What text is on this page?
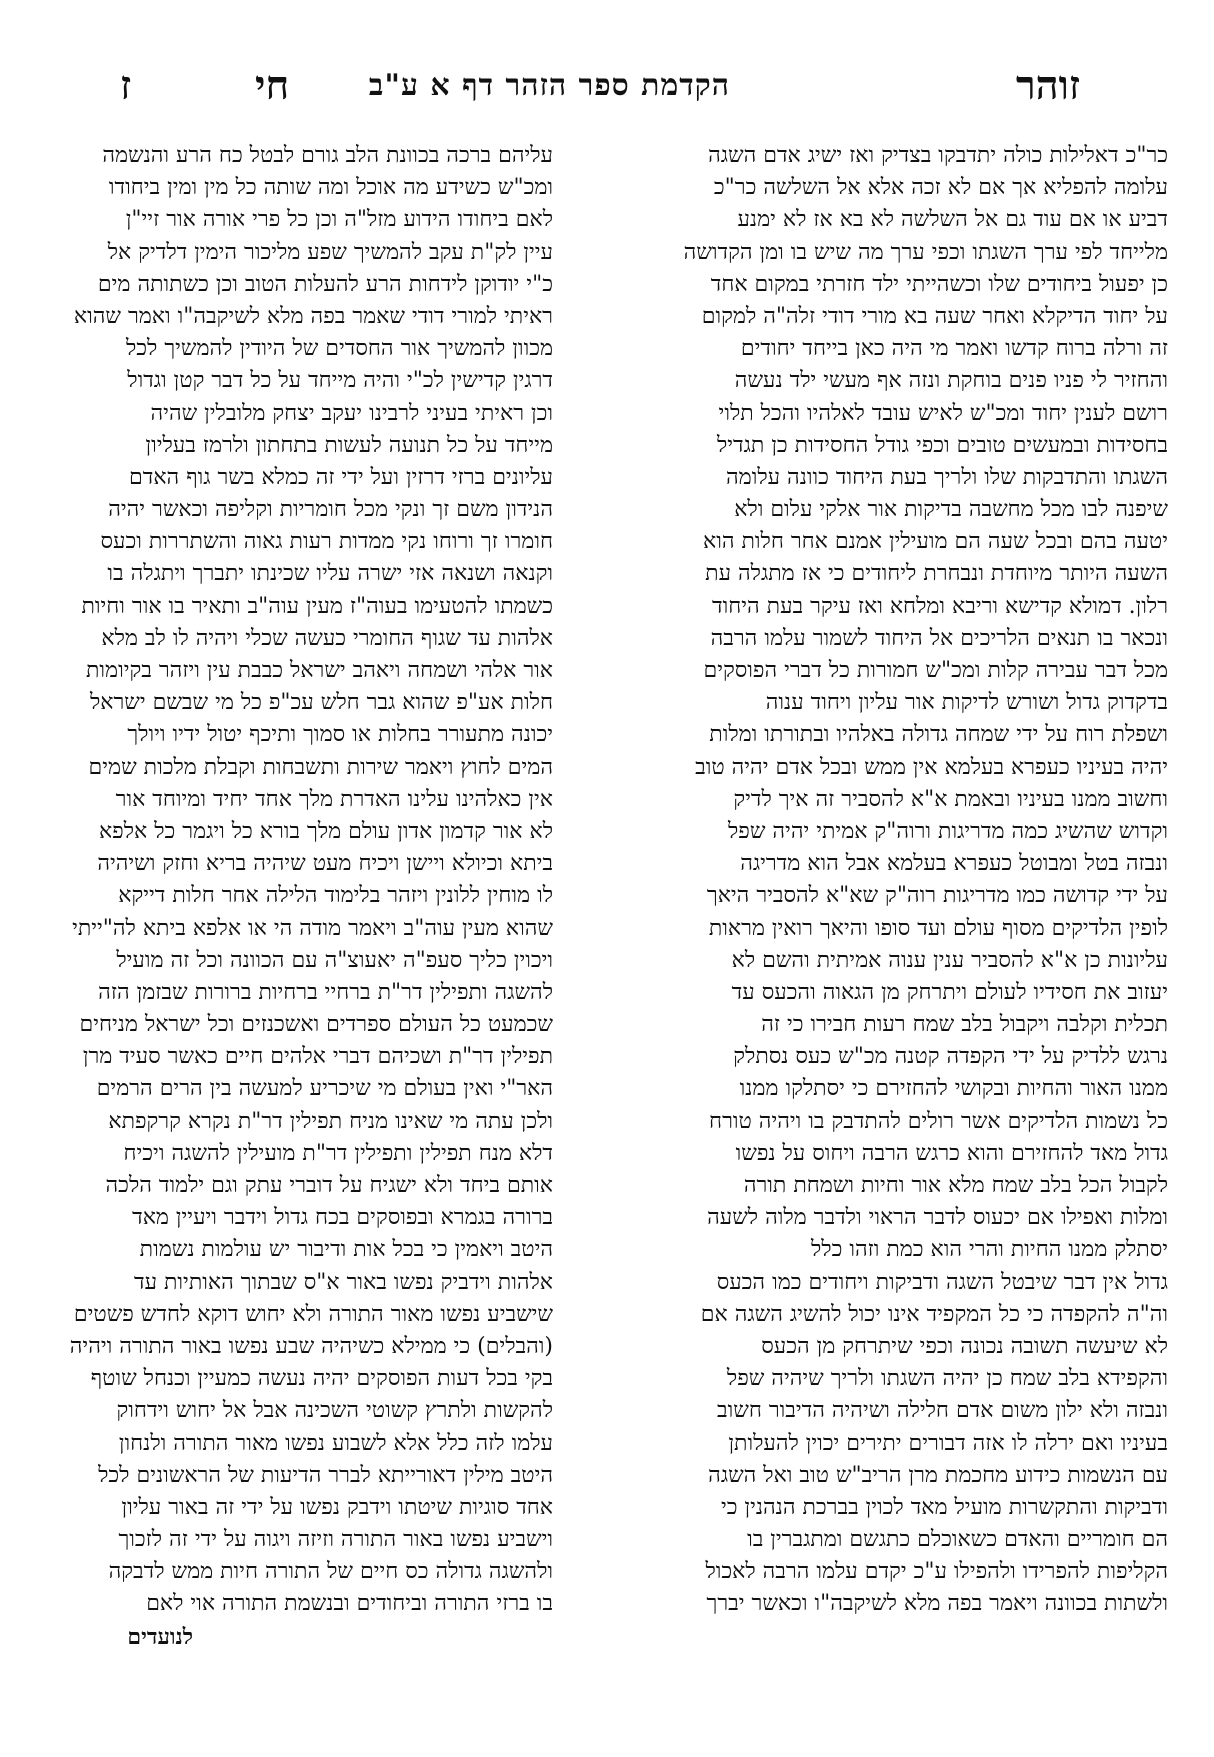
זוהר
הקדמת ספר הזהר דף א ע"ב
חי
ז
כר"כ דאלילות כולה יתדבקו בצדיק ואז ישיג אדם השגה
עלומה להפליא אך אם לא זכה אלא אל השלשה כר"כ
דביע או אם עוד גם אל השלשה לא בא אז לא ימנע
מלייחד לפי ערך השגתו וכפי ערך מה שיש בו ומן הקדושה
כן יפעול ביחודים שלו וכשהייתי ילד חזרתי במקום אחד
על יחוד הדיקלא ואחר שעה בא מורי דודי זלה"ה למקום
זה ורלה ברוח קדשו ואמר מי היה כאן בייחד יחודים
והחזיר לי פניו פנים בוחקת ונזה אף מעשי ילד נעשה
רושם לענין יחוד ומכ"ש לאיש עובד לאלהיו והכל תלוי
בחסידות ובמעשים טובים וכפי גודל החסידות כן תגדיל
השגתו והתדבקות שלו ולריך בעת היחוד כוונה עלומה
שיפנה לבו מכל מחשבה בדיקות אור אלקי עלום ולא
יטעה בהם ובכל שעה הם מועילין אמנם אחר חלות הוא
השעה היותר מיוחדת ונבחרת ליחודים כי אז מתגלה עת
רלון. דמולא קדישא וריבא ומלחא ואז עיקר בעת היחוד
ונכאר בו תנאים הלריכים אל היחוד לשמור עלמו הרבה
מכל דבר עבירה קלות ומכ"ש חמורות כל דברי הפוסקים
בדקדוק גדול ושורש לדיקות אור עליון ויחוד ענוה
ושפלת רוח על ידי שמחה גדולה באלהיו ובתורתו ומלות
יהיה בעיניו כעפרא בעלמא אין ממש ובכל אדם יהיה טוב
וחשוב ממנו בעיניו ובאמת א"א להסביר זה איך לדיק
וקדוש שהשיג כמה מדריגות ורוה"ק אמיתי יהיה שפל
ונבזה בטל ומבוטל כעפרא בעלמא אבל הוא מדריגה
על ידי קדושה כמו מדריגות רוה"ק שא"א להסביר היאך
לופין הלדיקים מסוף עולם ועד סופו והיאך רואין מראות
עליונות כן א"א להסביר ענין ענוה אמיתית והשם לא
יעזוב את חסידיו לעולם ויתרחק מן הגאוה והכעס עד
תכלית וקלבה ויקבול בלב שמח רעות חבירו כי זה
נרגש ללדיק על ידי הקפדה קטנה מכ"ש כעס נסתלק
ממנו האור והחיות ובקושי להחזירם כי יסתלקו ממנו
כל נשמות הלדיקים אשר רולים להתדבק בו ויהיה טורח
גדול מאד להחזירם והוא כרגש הרבה ויחוס על נפשו
לקבול הכל בלב שמח מלא אור וחיות ושמחת תורה
ומלות ואפילו אם יכעוס לדבר הראוי ולדבר מלוה לשעה
יסתלק ממנו החיות והרי הוא כמת וזהו כלל
גדול אין דבר שיבטל השגה ודביקות ויחודים כמו הכעס
וה"ה להקפדה כי כל המקפיד אינו יכול להשיג השגה אם
לא שיעשה תשובה נכונה וכפי שיתרחק מן הכעס
והקפידא בלב שמח כן יהיה השגתו ולריך שיהיה שפל
ונבזה ולא ילון משום אדם חלילה ושיהיה הדיבור חשוב
בעיניו ואם ירלה לו אזה דבורים יתירים יכוין להעלותן
עם הנשמות כידוע מחכמת מרן הריב"ש טוב ואל השגה
ודביקות והתקשרות מועיל מאד לכוין בברכת הנהנין כי
הם חומריים והאדם כשאוכלם כתגשם ומתגברין בו
הקליפות להפרידו ולהפילו ע"כ יקדם עלמו הרבה לאכול
ולשתות בכוונה ויאמר בפה מלא לשיקבה"ו וכאשר יברך
עליהם ברכה בכוונת הלב גורם לבטל כח הרע והנשמה
ומכ"ש כשידע מה אוכל ומה שותה כל מין ומין ביחודו
לאם ביחודו הידוע מזל"ה וכן כל פרי אורה אור זיי"ן
עיין לק"ת עקב להמשיך שפע מליכור הימין דלדיק אל
כ"י יודוקן לידחות הרע להעלות הטוב וכן כשתותה מים
ראיתי למורי דודי שאמר בפה מלא לשיקבה"ו ואמר שהוא
מכוון להמשיך אור החסדים של היודין להמשיך לכל
דרגין קדישין לכ"י והיה מייחד על כל דבר קטן וגדול
וכן ראיתי בעיני לרבינו יעקב יצחק מלובלין שהיה
מייחד על כל תנועה לעשות בתחתון ולרמז בעליון
עליונים ברזי דרזין ועל ידי זה כמלא בשר גוף האדם
הנידון משם זך ונקי מכל חומריות וקליפה וכאשר יהיה
חומרו זך ורוחו נקי ממדות רעות גאוה והשתררות וכעס
וקנאה ושנאה אזי ישרה עליו שכינתו יתברך ויתגלה בו
כשמתו להטעימו בעוה"ז מעין עוה"ב ותאיר בו אור וחיות
אלהות עד שגוף החומרי כעשה שכלי ויהיה לו לב מלא
אור אלהי ושמחה ויאהב ישראל כבבת עין ויזהר בקיומות
חלות אע"פ שהוא גבר חלש עכ"פ כל מי שבשם ישראל
יכונה מתעורר בחלות או סמוך ותיכף יטול ידיו ויולך
המים לחוץ ויאמר שירות ותשבחות וקבלת מלכות שמים
אין כאלהינו עלינו האדרת מלך אחד יחיד ומיוחד אור
לא אור קדמון אדון עולם מלך בורא כל ויגמר כל אלפא
ביתא וכיולא ויישן ויכיח מעט שיהיה בריא וחזק ושיהיה
לו מוחין ללונין ויזהר בלימוד הלילה אחר חלות דייקא
שהוא מעין עוה"ב ויאמר מודה הי או אלפא ביתא לה"ייתי
ויכוין כליך סעפ"ה יאעוצ"ה עם הכוונה וכל זה מועיל
להשגה ותפילין דר"ת ברחיי ברחיות ברורות שבזמן הזה
שכמעט כל העולם ספרדים ואשכנזים וכל ישראל מניחים
תפילין דר"ת ושכיהם דברי אלהים חיים כאשר סעיד מרן
האר"י ואין בעולם מי שיכריע למעשה בין הרים הרמים
ולכן עתה מי שאינו מניח תפילין דר"ת נקרא קרקפתא
דלא מנח תפילין ותפילין דר"ת מועילין להשגה ויכיח
אותם ביחד ולא ישגיח על דוברי עתק וגם ילמוד הלכה
ברורה בגמרא ובפוסקים בכח גדול וידבר ויעיין מאד
היטב ויאמין כי בכל אות ודיבור יש עולמות נשמות
אלהות וידביק נפשו באור א"ס שבתוך האותיות עד
שישביע נפשו מאור התורה ולא יחוש דוקא לחדש פשטים
(והבלים) כי ממילא כשיהיה שבע נפשו באור התורה ויהיה
בקי בכל דעות הפוסקים יהיה נעשה כמעיין וכנחל שוטף
להקשות ולתרץ קשוטי השכינה אבל אל יחוש וידחוק
עלמו לזה כלל אלא לשבוע נפשו מאור התורה ולנחון
היטב מילין דאורייתא לברר הדיעות של הראשונים לכל
אחד סוגיות שיטתו וידבק נפשו על ידי זה באור עליון
וישביע נפשו באור התורה וזיזה ויגוה על ידי זה לזכוך
ולהשגה גדולה כס חיים של התורה חיות ממש לדבקה
בו ברזי התורה וביחודים ובנשמת התורה אוי לאם
לנועדים
